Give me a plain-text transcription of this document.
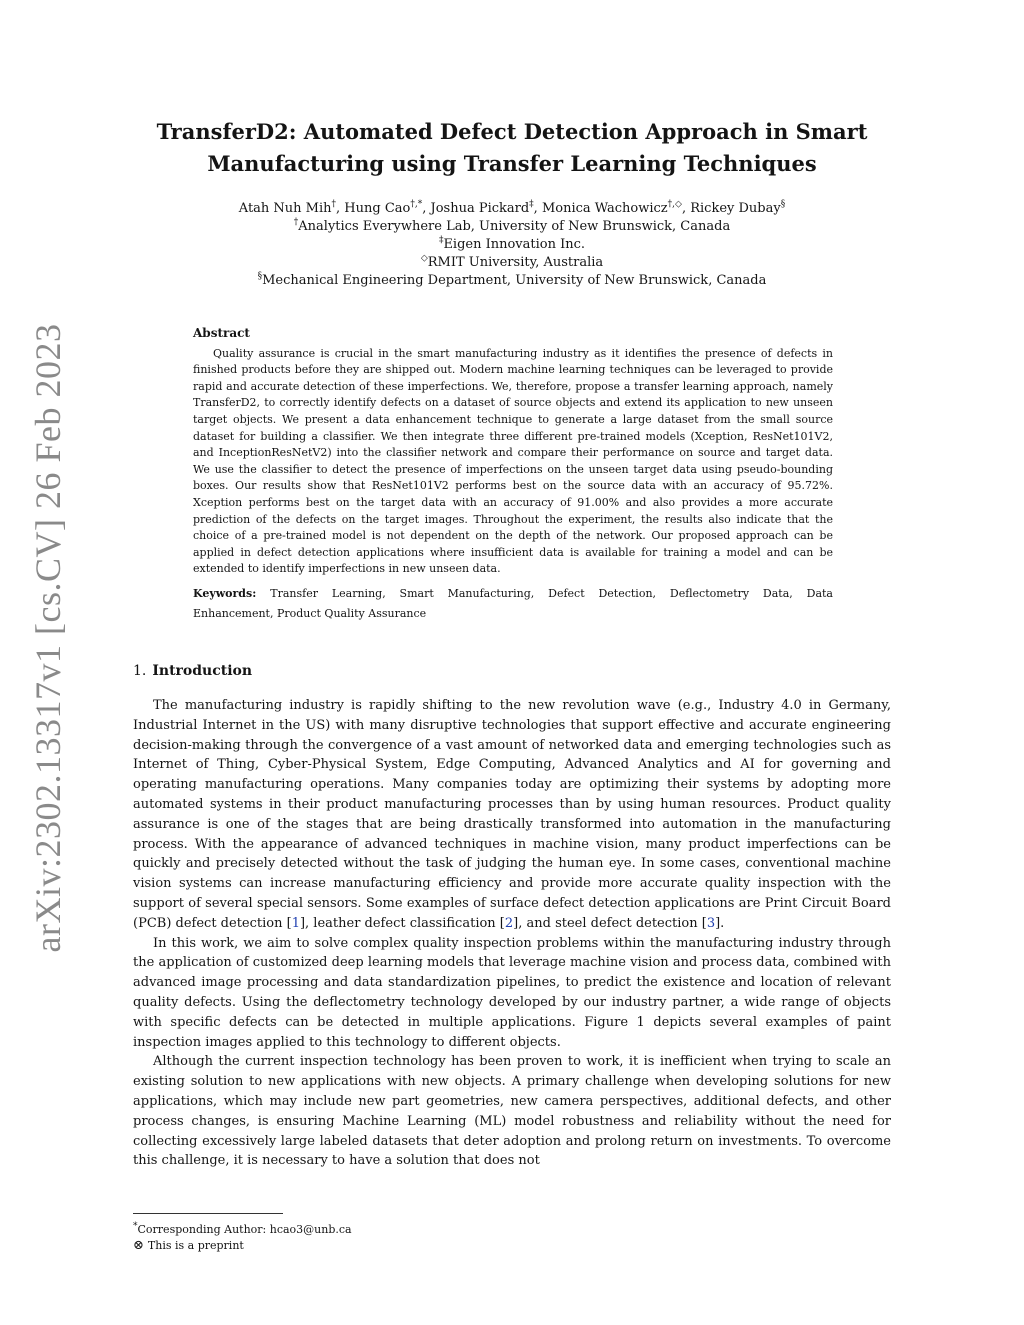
arXiv:2302.13317v1 [cs.CV] 26 Feb 2023
TransferD2: Automated Defect Detection Approach in Smart
Manufacturing using Transfer Learning Techniques
Atah Nuh Mih†, Hung Cao†,*, Joshua Pickard‡, Monica Wachowicz†,◇, Rickey Dubay§
†Analytics Everywhere Lab, University of New Brunswick, Canada
‡Eigen Innovation Inc.
◇RMIT University, Australia
§Mechanical Engineering Department, University of New Brunswick, Canada
Abstract

Quality assurance is crucial in the smart manufacturing industry as it identifies the presence of defects in finished products before they are shipped out. Modern machine learning techniques can be leveraged to provide rapid and accurate detection of these imperfections. We, therefore, propose a transfer learning approach, namely TransferD2, to correctly identify defects on a dataset of source objects and extend its application to new unseen target objects. We present a data enhancement technique to generate a large dataset from the small source dataset for building a classifier. We then integrate three different pre-trained models (Xception, ResNet101V2, and InceptionResNetV2) into the classifier network and compare their performance on source and target data. We use the classifier to detect the presence of imperfections on the unseen target data using pseudo-bounding boxes. Our results show that ResNet101V2 performs best on the source data with an accuracy of 95.72%. Xception performs best on the target data with an accuracy of 91.00% and also provides a more accurate prediction of the defects on the target images. Throughout the experiment, the results also indicate that the choice of a pre-trained model is not dependent on the depth of the network. Our proposed approach can be applied in defect detection applications where insufficient data is available for training a model and can be extended to identify imperfections in new unseen data.

Keywords: Transfer Learning, Smart Manufacturing, Defect Detection, Deflectometry Data, Data Enhancement, Product Quality Assurance
1. Introduction

The manufacturing industry is rapidly shifting to the new revolution wave (e.g., Industry 4.0 in Germany, Industrial Internet in the US) with many disruptive technologies that support effective and accurate engineering decision-making through the convergence of a vast amount of networked data and emerging technologies such as Internet of Thing, Cyber-Physical System, Edge Computing, Advanced Analytics and AI for governing and operating manufacturing operations. Many companies today are optimizing their systems by adopting more automated systems in their product manufacturing processes than by using human resources. Product quality assurance is one of the stages that are being drastically transformed into automation in the manufacturing process. With the appearance of advanced techniques in machine vision, many product imperfections can be quickly and precisely detected without the task of judging the human eye. In some cases, conventional machine vision systems can increase manufacturing efficiency and provide more accurate quality inspection with the support of several special sensors. Some examples of surface defect detection applications are Print Circuit Board (PCB) defect detection [1], leather defect classification [2], and steel defect detection [3].

In this work, we aim to solve complex quality inspection problems within the manufacturing industry through the application of customized deep learning models that leverage machine vision and process data, combined with advanced image processing and data standardization pipelines, to predict the existence and location of relevant quality defects. Using the deflectometry technology developed by our industry partner, a wide range of objects with specific defects can be detected in multiple applications. Figure 1 depicts several examples of paint inspection images applied to this technology to different objects.

Although the current inspection technology has been proven to work, it is inefficient when trying to scale an existing solution to new applications with new objects. A primary challenge when developing solutions for new applications, which may include new part geometries, new camera perspectives, additional defects, and other process changes, is ensuring Machine Learning (ML) model robustness and reliability without the need for collecting excessively large labeled datasets that deter adoption and prolong return on investments. To overcome this challenge, it is necessary to have a solution that does not

*Corresponding Author: hcao3@unb.ca
⊗ This is a preprint
